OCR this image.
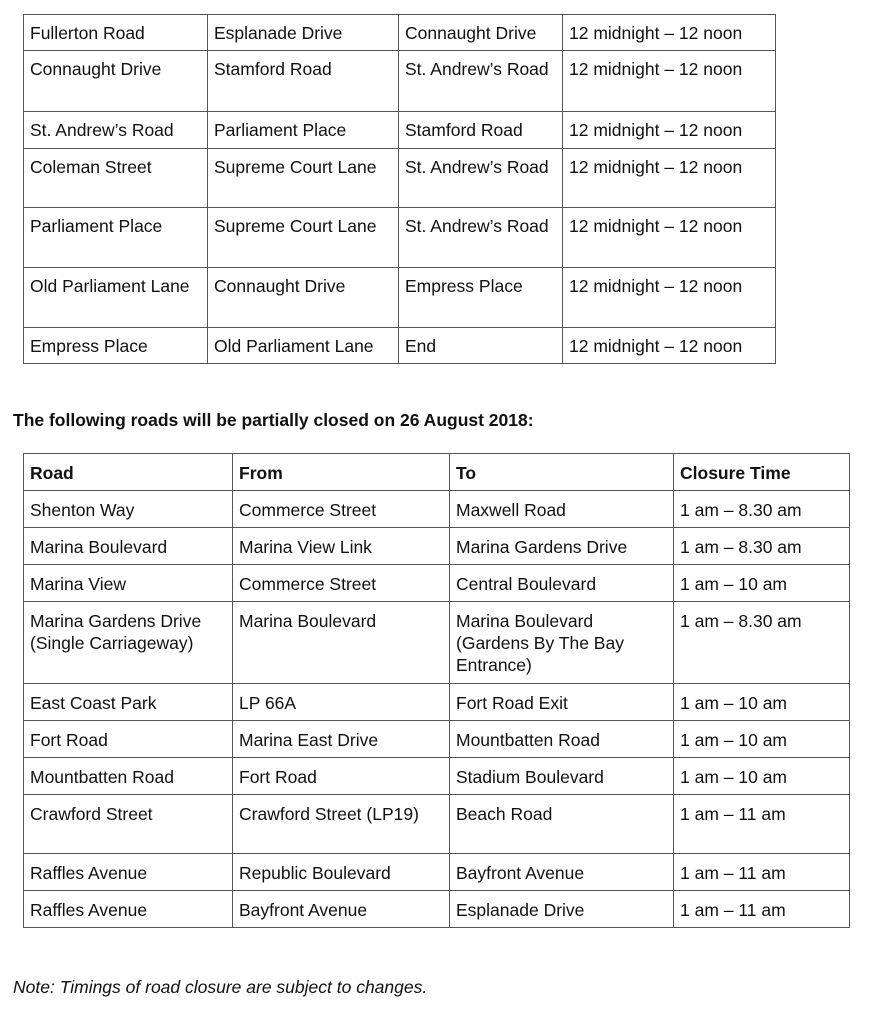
Fullerton Road	Esplanade Drive	Connaught Drive	12 midnight – 12 noon
Connaught Drive	Stamford Road	St. Andrew’s Road	12 midnight – 12 noon
St. Andrew’s Road	Parliament Place	Stamford Road	12 midnight – 12 noon
Coleman Street	Supreme Court Lane	St. Andrew’s Road	12 midnight – 12 noon
Parliament Place	Supreme Court Lane	St. Andrew’s Road	12 midnight – 12 noon
Old Parliament Lane	Connaught Drive	Empress Place	12 midnight – 12 noon
Empress Place	Old Parliament Lane	End	12 midnight – 12 noon
The following roads will be partially closed on 26 August 2018:
Road	From	To	Closure Time
Shenton Way	Commerce Street	Maxwell Road	1 am – 8.30 am
Marina Boulevard	Marina View Link	Marina Gardens Drive	1 am – 8.30 am
Marina View	Commerce Street	Central Boulevard	1 am – 10 am
Marina Gardens Drive (Single Carriageway)	Marina Boulevard	Marina Boulevard (Gardens By The Bay Entrance)	1 am – 8.30 am
East Coast Park	LP 66A	Fort Road Exit	1 am – 10 am
Fort Road	Marina East Drive	Mountbatten Road	1 am – 10 am
Mountbatten Road	Fort Road	Stadium Boulevard	1 am – 10 am
Crawford Street	Crawford Street (LP19)	Beach Road	1 am – 11 am
Raffles Avenue	Republic Boulevard	Bayfront Avenue	1 am – 11 am
Raffles Avenue	Bayfront Avenue	Esplanade Drive	1 am – 11 am
Note: Timings of road closure are subject to changes.
